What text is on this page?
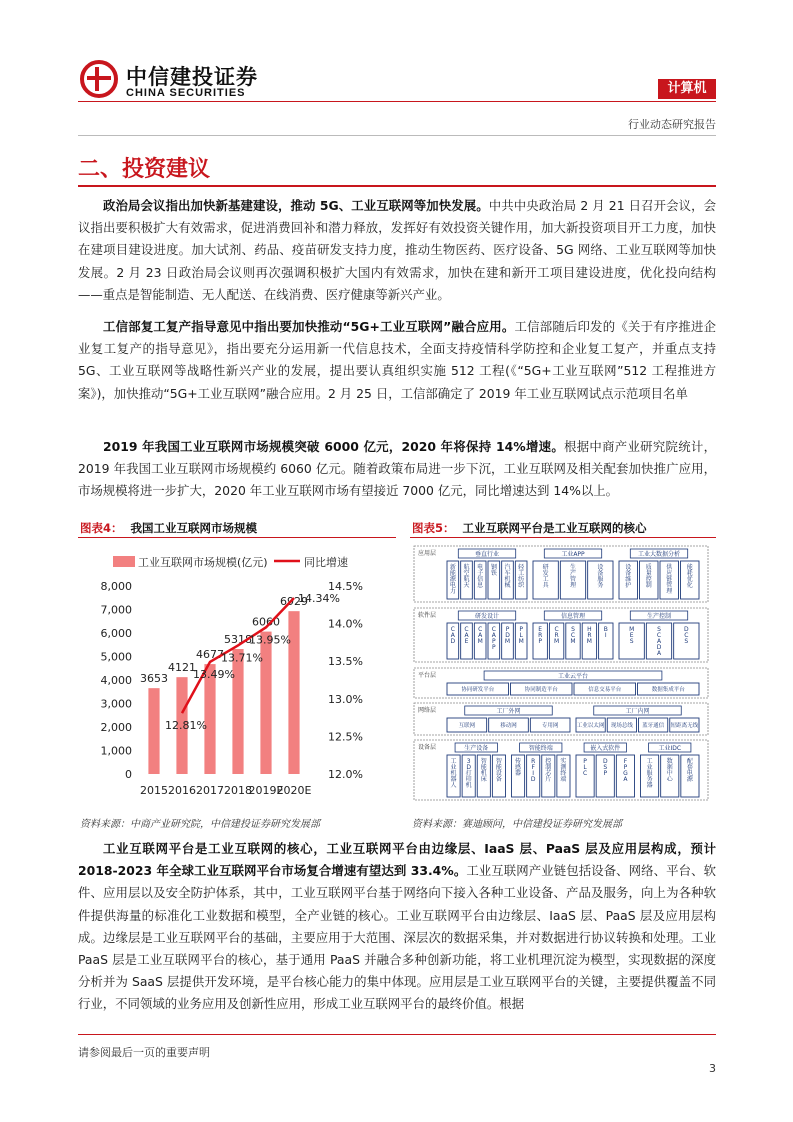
中信建投证券
CHINA SECURITIES	计算机
行业动态研究报告
二、投资建议

政治局会议指出加快新基建建设，推动 5G、工业互联网等加快发展。中共中央政治局 2 月 21 日召开会议，会议指出要积极扩大有效需求，促进消费回补和潜力释放，发挥好有效投资关键作用，加大新投资项目开工力度，加快在建项目建设进度。加大试剂、药品、疫苗研发支持力度，推动生物医药、医疗设备、5G 网络、工业互联网等加快发展。2 月 23 日政治局会议则再次强调积极扩大国内有效需求，加快在建和新开工项目建设进度，优化投向结构——重点是智能制造、无人配送、在线消费、医疗健康等新兴产业。

工信部复工复产指导意见中指出要加快推动“5G+工业互联网”融合应用。工信部随后印发的《关于有序推进企业复工复产的指导意见》，指出要充分运用新一代信息技术，全面支持疫情科学防控和企业复工复产，并重点支持 5G、工业互联网等战略性新兴产业的发展，提出要认真组织实施 512 工程(《“5G+工业互联网”512 工程推进方案》)，加快推动“5G+工业互联网”融合应用。2 月 25 日，工信部确定了 2019 年工业互联网试点示范项目名单

2019 年我国工业互联网市场规模突破 6000 亿元，2020 年将保持 14%增速。根据中商产业研究院统计，2019 年我国工业互联网市场规模约 6060 亿元。随着政策布局进一步下沉，工业互联网及相关配套加快推广应用，市场规模将进一步扩大，2020 年工业互联网市场有望接近 7000 亿元，同比增速达到 14%以上。

图表4： 我国工业互联网市场规模
工业互联网市场规模(亿元)	同比增速
0
1,000
2,000
3,000
4,000
5,000
6,000
7,000
8,000
12.0%
12.5%
13.0%
13.5%
14.0%
14.5%
3653
4121
4677
5318
6060
6929
12.81%
13.49%
13.71%
13.95%
14.34%
2015 2016 2017 2018
2019E
2020E
资料来源：中商产业研究院，中信建投证券研究发展部
图表5： 工业互联网平台是工业互联网的核心
应用层	垂直行业
新能源电力
航空航天
电子信息
钢铁
汽车机械
轻工纺织
工业APP
研发工具
生产管理
设备服务
工业大数据分析
设备维护
质量控制
供应链管理
能耗优化
软件层	研发设计
C A D
C A E
C A M
C A P P
P D M
P L M
信息管理
E R P
C R M
S C M
H R M
B I
生产控制
M E S
S C A D A
D C S
平台层	工业云平台
协同研发平台	协同制造平台	信息交易平台	数据集成平台
网络层	工厂外网
互联网	移动网	专用网
工厂内网
工业以太网 现场总线 蓝牙通信 短距离无线
设备层	生产设备
工业机器人
3 D 打印机
智能机床
智能设备
智能终端
传感器
R F I D
控制芯片
实测终端
嵌入式软件
P L C
D S P
F P G A
工业IDC
工业服务器
数据中心
配套电源
资料来源：赛迪顾问，中信建投证券研究发展部

工业互联网平台是工业互联网的核心，工业互联网平台由边缘层、IaaS 层、PaaS 层及应用层构成，预计 2018-2023 年全球工业互联网平台市场复合增速有望达到 33.4%。工业互联网产业链包括设备、网络、平台、软件、应用层以及安全防护体系，其中，工业互联网平台基于网络向下接入各种工业设备、产品及服务，向上为各种软件提供海量的标准化工业数据和模型，全产业链的核心。工业互联网平台由边缘层、IaaS 层、PaaS 层及应用层构成。边缘层是工业互联网平台的基础，主要应用于大范围、深层次的数据采集，并对数据进行协议转换和处理。工业 PaaS 层是工业互联网平台的核心，基于通用 PaaS 并融合多种创新功能，将工业机理沉淀为模型，实现数据的深度分析并为 SaaS 层提供开发环境，是平台核心能力的集中体现。应用层是工业互联网平台的关键，主要提供覆盖不同行业，不同领域的业务应用及创新性应用，形成工业互联网平台的最终价值。根据

请参阅最后一页的重要声明
3
